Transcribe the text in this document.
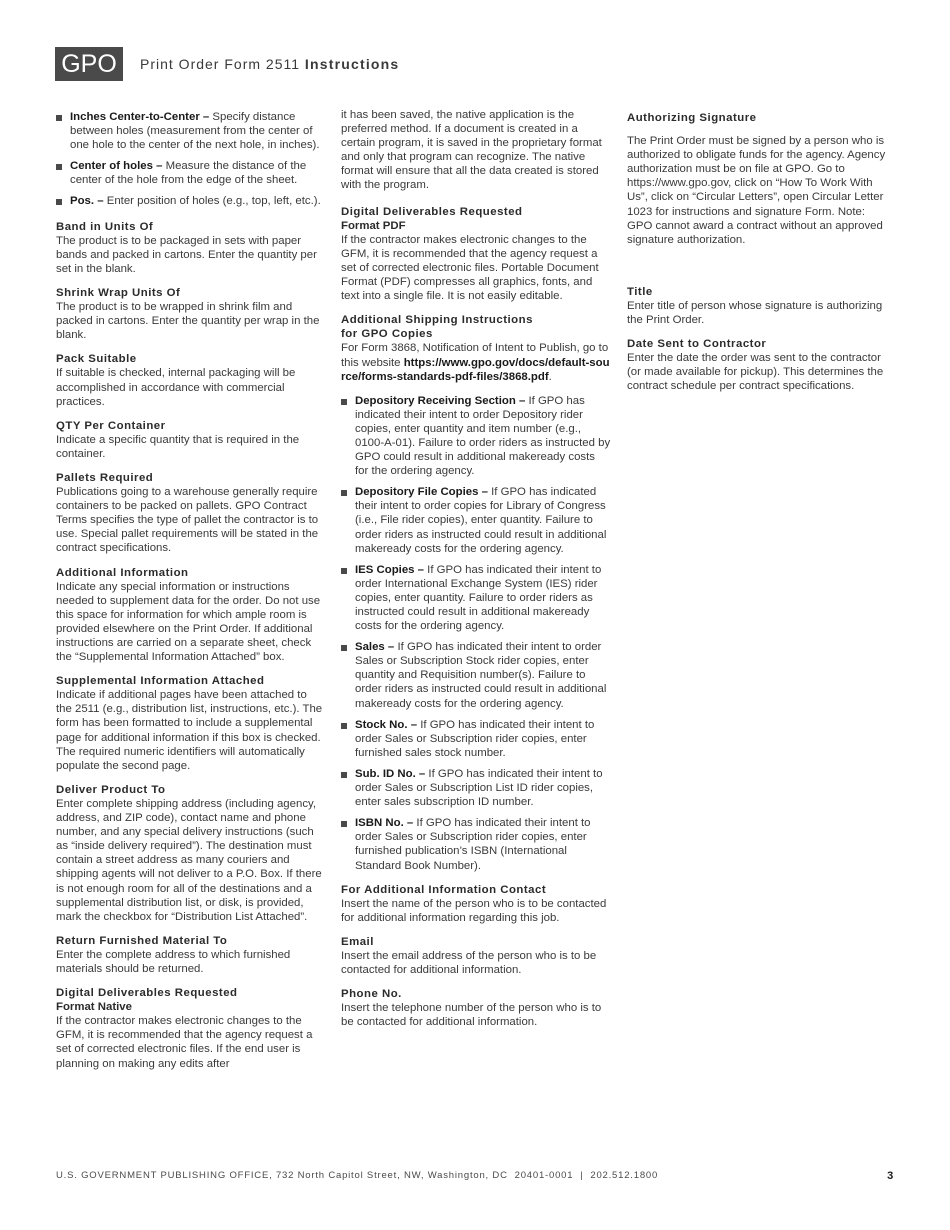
GPO	Print Order Form 2511 Instructions
Inches Center-to-Center – Specify distance between holes (measurement from the center of one hole to the center of the next hole, in inches).
Center of holes – Measure the distance of the center of the hole from the edge of the sheet.
Pos. – Enter position of holes (e.g., top, left, etc.).

Band in Units Of

The product is to be packaged in sets with paper bands and packed in cartons. Enter the quantity per set in the blank.

Shrink Wrap Units Of

The product is to be wrapped in shrink film and packed in cartons. Enter the quantity per wrap in the blank.

Pack Suitable

If suitable is checked, internal packaging will be accomplished in accordance with commercial practices.

QTY Per Container

Indicate a specific quantity that is required in the container.

Pallets Required

Publications going to a warehouse generally require containers to be packed on pallets. GPO Contract Terms specifies the type of pallet the contractor is to use. Special pallet requirements will be stated in the contract specifications.

Additional Information

Indicate any special information or instructions needed to supplement data for the order. Do not use this space for information for which ample room is provided elsewhere on the Print Order. If additional instructions are carried on a separate sheet, check the “Supplemental Information Attached” box.

Supplemental Information Attached

Indicate if additional pages have been attached to the 2511 (e.g., distribution list, instructions, etc.). The form has been formatted to include a supplemental page for additional information if this box is checked. The required numeric identifiers will automatically populate the second page.

Deliver Product To

Enter complete shipping address (including agency, address, and ZIP code), contact name and phone number, and any special delivery instructions (such as “inside delivery required”). The destination must contain a street address as many couriers and shipping agents will not deliver to a P.O. Box. If there is not enough room for all of the destinations and a supplemental distribution list, or disk, is provided, mark the checkbox for “Distribution List Attached”.

Return Furnished Material To

Enter the complete address to which furnished materials should be returned.

Digital Deliverables Requested

Format Native

If the contractor makes electronic changes to the GFM, it is recommended that the agency request a set of corrected electronic files. If the end user is planning on making any edits after

it has been saved, the native application is the preferred method. If a document is created in a certain program, it is saved in the proprietary format and only that program can recognize. The native format will ensure that all the data created is stored with the program.

Digital Deliverables Requested

Format PDF

If the contractor makes electronic changes to the GFM, it is recommended that the agency request a set of corrected electronic files. Portable Document Format (PDF) compresses all graphics, fonts, and text into a single file. It is not easily editable.

Additional Shipping Instructions

for GPO Copies

For Form 3868, Notification of Intent to Publish, go to this website https://www.gpo.gov/docs/default-source/forms-standards-pdf-files/3868.pdf.

Depository Receiving Section – If GPO has indicated their intent to order Depository rider copies, enter quantity and item number (e.g., 0100-A-01). Failure to order riders as instructed by GPO could result in additional makeready costs for the ordering agency.
Depository File Copies – If GPO has indicated their intent to order copies for Library of Congress (i.e., File rider copies), enter quantity. Failure to order riders as instructed could result in additional makeready costs for the ordering agency.
IES Copies – If GPO has indicated their intent to order International Exchange System (IES) rider copies, enter quantity. Failure to order riders as instructed could result in additional makeready costs for the ordering agency.
Sales – If GPO has indicated their intent to order Sales or Subscription Stock rider copies, enter quantity and Requisition number(s). Failure to order riders as instructed could result in additional makeready costs for the ordering agency.
Stock No. – If GPO has indicated their intent to order Sales or Subscription rider copies, enter furnished sales stock number.
Sub. ID No. – If GPO has indicated their intent to order Sales or Subscription List ID rider copies, enter sales subscription ID number.
ISBN No. – If GPO has indicated their intent to order Sales or Subscription rider copies, enter furnished publication’s ISBN (International Standard Book Number).

For Additional Information Contact

Insert the name of the person who is to be contacted for additional information regarding this job.

Email

Insert the email address of the person who is to be contacted for additional information.

Phone No.

Insert the telephone number of the person who is to be contacted for additional information.

Authorizing Signature

The Print Order must be signed by a person who is authorized to obligate funds for the agency. Agency authorization must be on file at GPO. Go to https://www.gpo.gov, click on “How To Work With Us”, click on “Circular Letters”, open Circular Letter 1023 for instructions and signature Form. Note: GPO cannot award a contract without an approved signature authorization.

Title

Enter title of person whose signature is authorizing the Print Order.

Date Sent to Contractor

Enter the date the order was sent to the contractor (or made available for pickup). This determines the contract schedule per contract specifications.

U.S. GOVERNMENT PUBLISHING OFFICE, 732 North Capitol Street, NW, Washington, DC  20401-0001  |  202.512.1800	3
